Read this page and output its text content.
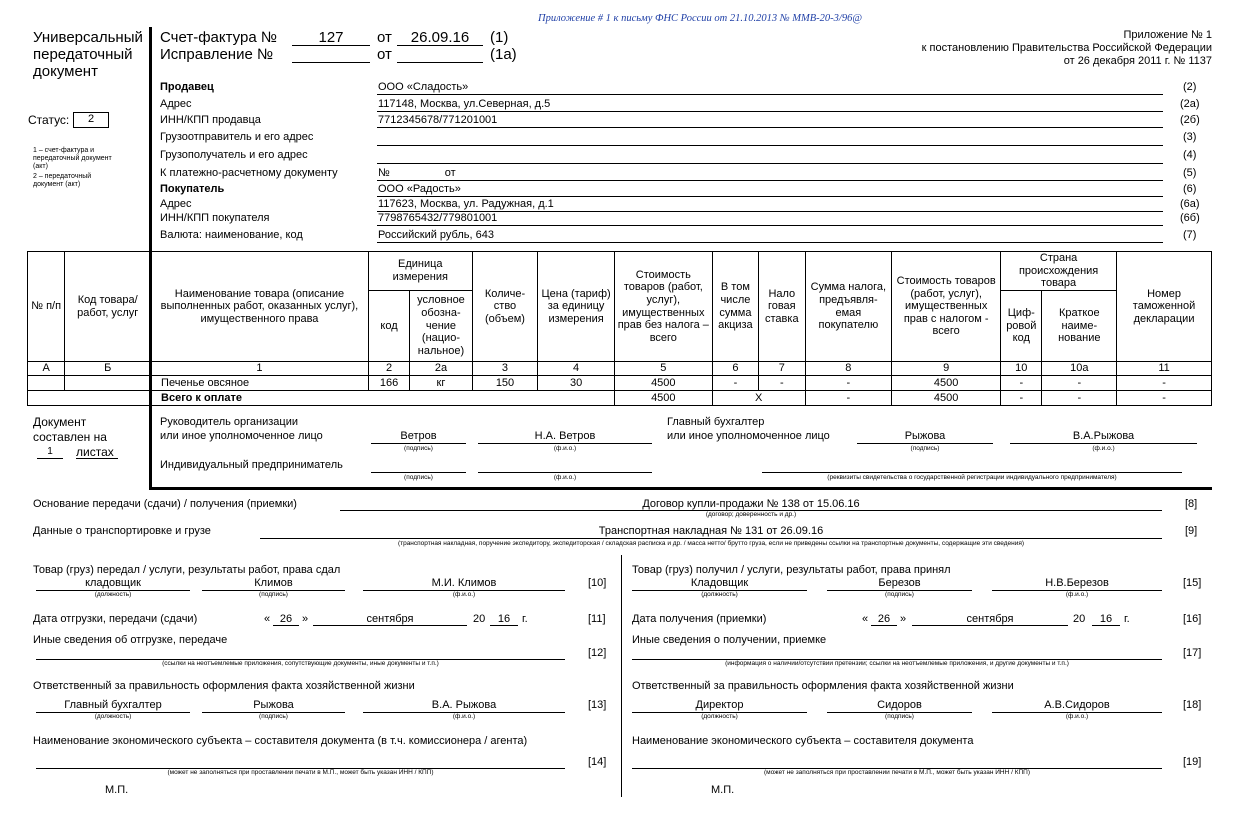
Приложение # 1 к письму ФНС России от 21.10.2013 № ММВ-20-3/96@
Универсальный
передаточный
документ
Счет-фактура №	127	от	26.09.16	(1)
Исправление №	от	(1а)
Приложение № 1
к постановлению Правительства Российской Федерации
от 26 декабря 2011 г. № 1137
Статус:	2
1 – счет-фактура и
передаточный документ
(акт)
2 – передаточный
документ (акт)
Продавец	ООО «Сладость»	(2)
Адрес	117148, Москва, ул.Северная, д.5	(2а)
ИНН/КПП продавца	7712345678/771201001	(2б)
Грузоотправитель и его адрес	(3)
Грузополучатель и его адрес	(4)
К платежно-расчетному документу	№                  от	(5)
Покупатель	ООО «Радость»	(6)
Адрес	117623, Москва, ул. Радужная, д.1	(6а)
ИНН/КПП покупателя	7798765432/779801001	(6б)
Валюта: наименование, код	Российский рубль, 643	(7)
№ п/п	Код товара/ работ, услуг	Наименование товара (описание выполненных работ, оказанных услуг), имущественного права	Единица измерения		Количе- ство (объем)	Цена (тариф) за единицу измерения	Стоимость товаров (работ, услуг), имущественных прав без налога – всего	В том числе сумма акциза	Нало говая ставка	Сумма налога, предъявля- емая покупателю	Стоимость товаров (работ, услуг), имущественных прав с налогом - всего	Страна происхождения товара		Номер таможенной декларации
			код	условное обозна- чение (нацио- нальное)								Циф- ровой код	Краткое наиме- нование	
А	Б	1	2	2а	3	4	5	6	7	8	9	10	10а	11
		Печенье овсяное	166	кг	150	30	4500	-	-	-	4500	-	-	-
		Всего к оплате					4500	Х		-	4500	-	-	-
Документ
составлен на
1	листах
Руководитель организации
или иное уполномоченное лицо	Ветров
(подпись)
Н.А. Ветров
(ф.и.о.)
Главный бухгалтер
или иное уполномоченное лицо	Рыжова
(подпись)
В.А.Рыжова
(ф.и.о.)
Индивидуальный предприниматель
(подпись)	(ф.и.о.)	(реквизиты свидетельства о государственной регистрации индивидуального предпринимателя)
Основание передачи (сдачи) / получения (приемки)	Договор купли-продажи № 138 от 15.06.16
(договор; доверенность и др.)
[8]
Данные о транспортировке и грузе	Транспортная накладная № 131 от 26.09.16
(транспортная накладная, поручение экспедитору, экспедиторская / складская расписка и др. / масса нетто/ брутто груза, если не приведены ссылки на транспортные документы, содержащие эти сведения)
[9]
Товар (груз) передал / услуги, результаты работ, права сдал
кладовщик
(должность)
Климов
(подпись)
М.И. Климов
(ф.и.о.)
[10]
Дата отгрузки, передачи (сдачи)	« 26 »	сентября	20	16	г.	[11]
Иные сведения об отгрузке, передаче
(ссылки на неотъемлемые приложения, сопутствующие документы, иные документы и т.п.)
[12]
Ответственный за правильность оформления факта хозяйственной жизни
Главный бухгалтер
(должность)
Рыжова
(подпись)
В.А. Рыжова
(ф.и.о.)
[13]
Наименование экономического субъекта – составителя документа (в т.ч. комиссионера / агента)
(может не заполняться при проставлении печати в М.П., может быть указан ИНН / КПП)
[14]
М.П.
Товар (груз) получил / услуги, результаты работ, права принял
Кладовщик
(должность)
Березов
(подпись)
Н.В.Березов
(ф.и.о.)
[15]
Дата получения (приемки)	« 26 »	сентября	20	16	г.	[16]
Иные сведения о получении, приемке
(информация о наличии/отсутствии претензии; ссылки на неотъемлемые приложения, и другие документы и т.п.)
[17]
Ответственный за правильность оформления факта хозяйственной жизни
Директор
(должность)
Сидоров
(подпись)
А.В.Сидоров
(ф.и.о.)
[18]
Наименование экономического субъекта – составителя документа
(может не заполняться при проставлении печати в М.П., может быть указан ИНН / КПП)
[19]
М.П.
